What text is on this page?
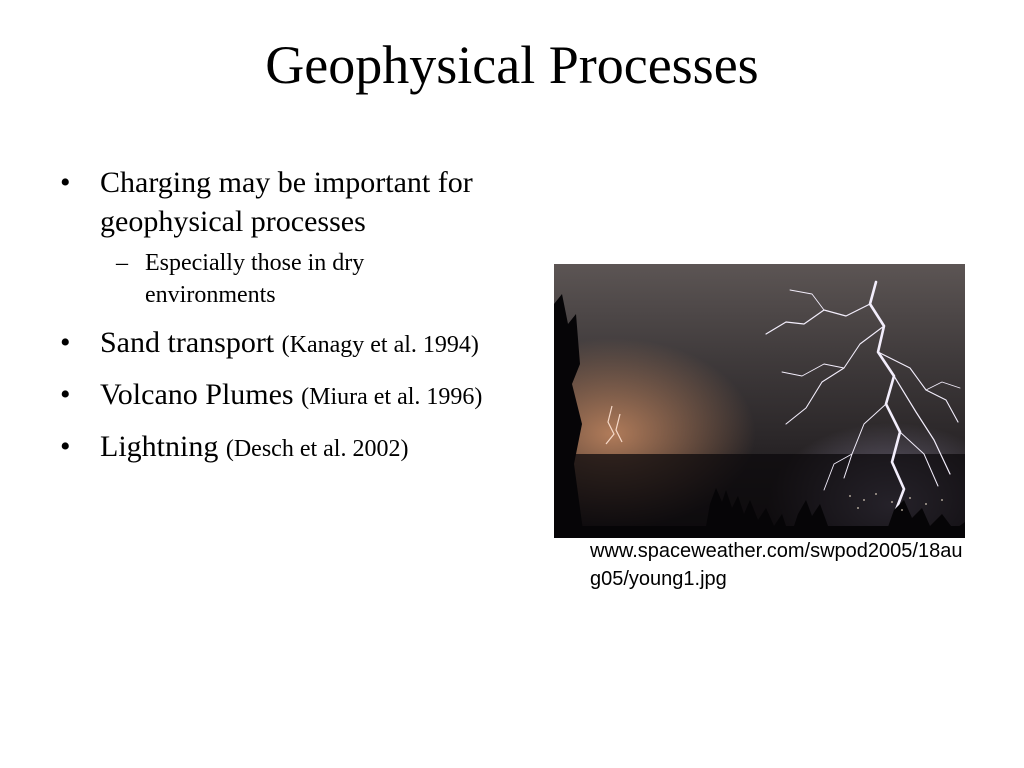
Geophysical Processes
• Charging may be important for geophysical processes
– Especially those in dry environments
• Sand transport (Kanagy et al. 1994)
• Volcano Plumes (Miura et al. 1996)
• Lightning (Desch et al. 2002)
www.spaceweather.com/swpod2005/18aug05/young1.jpg
